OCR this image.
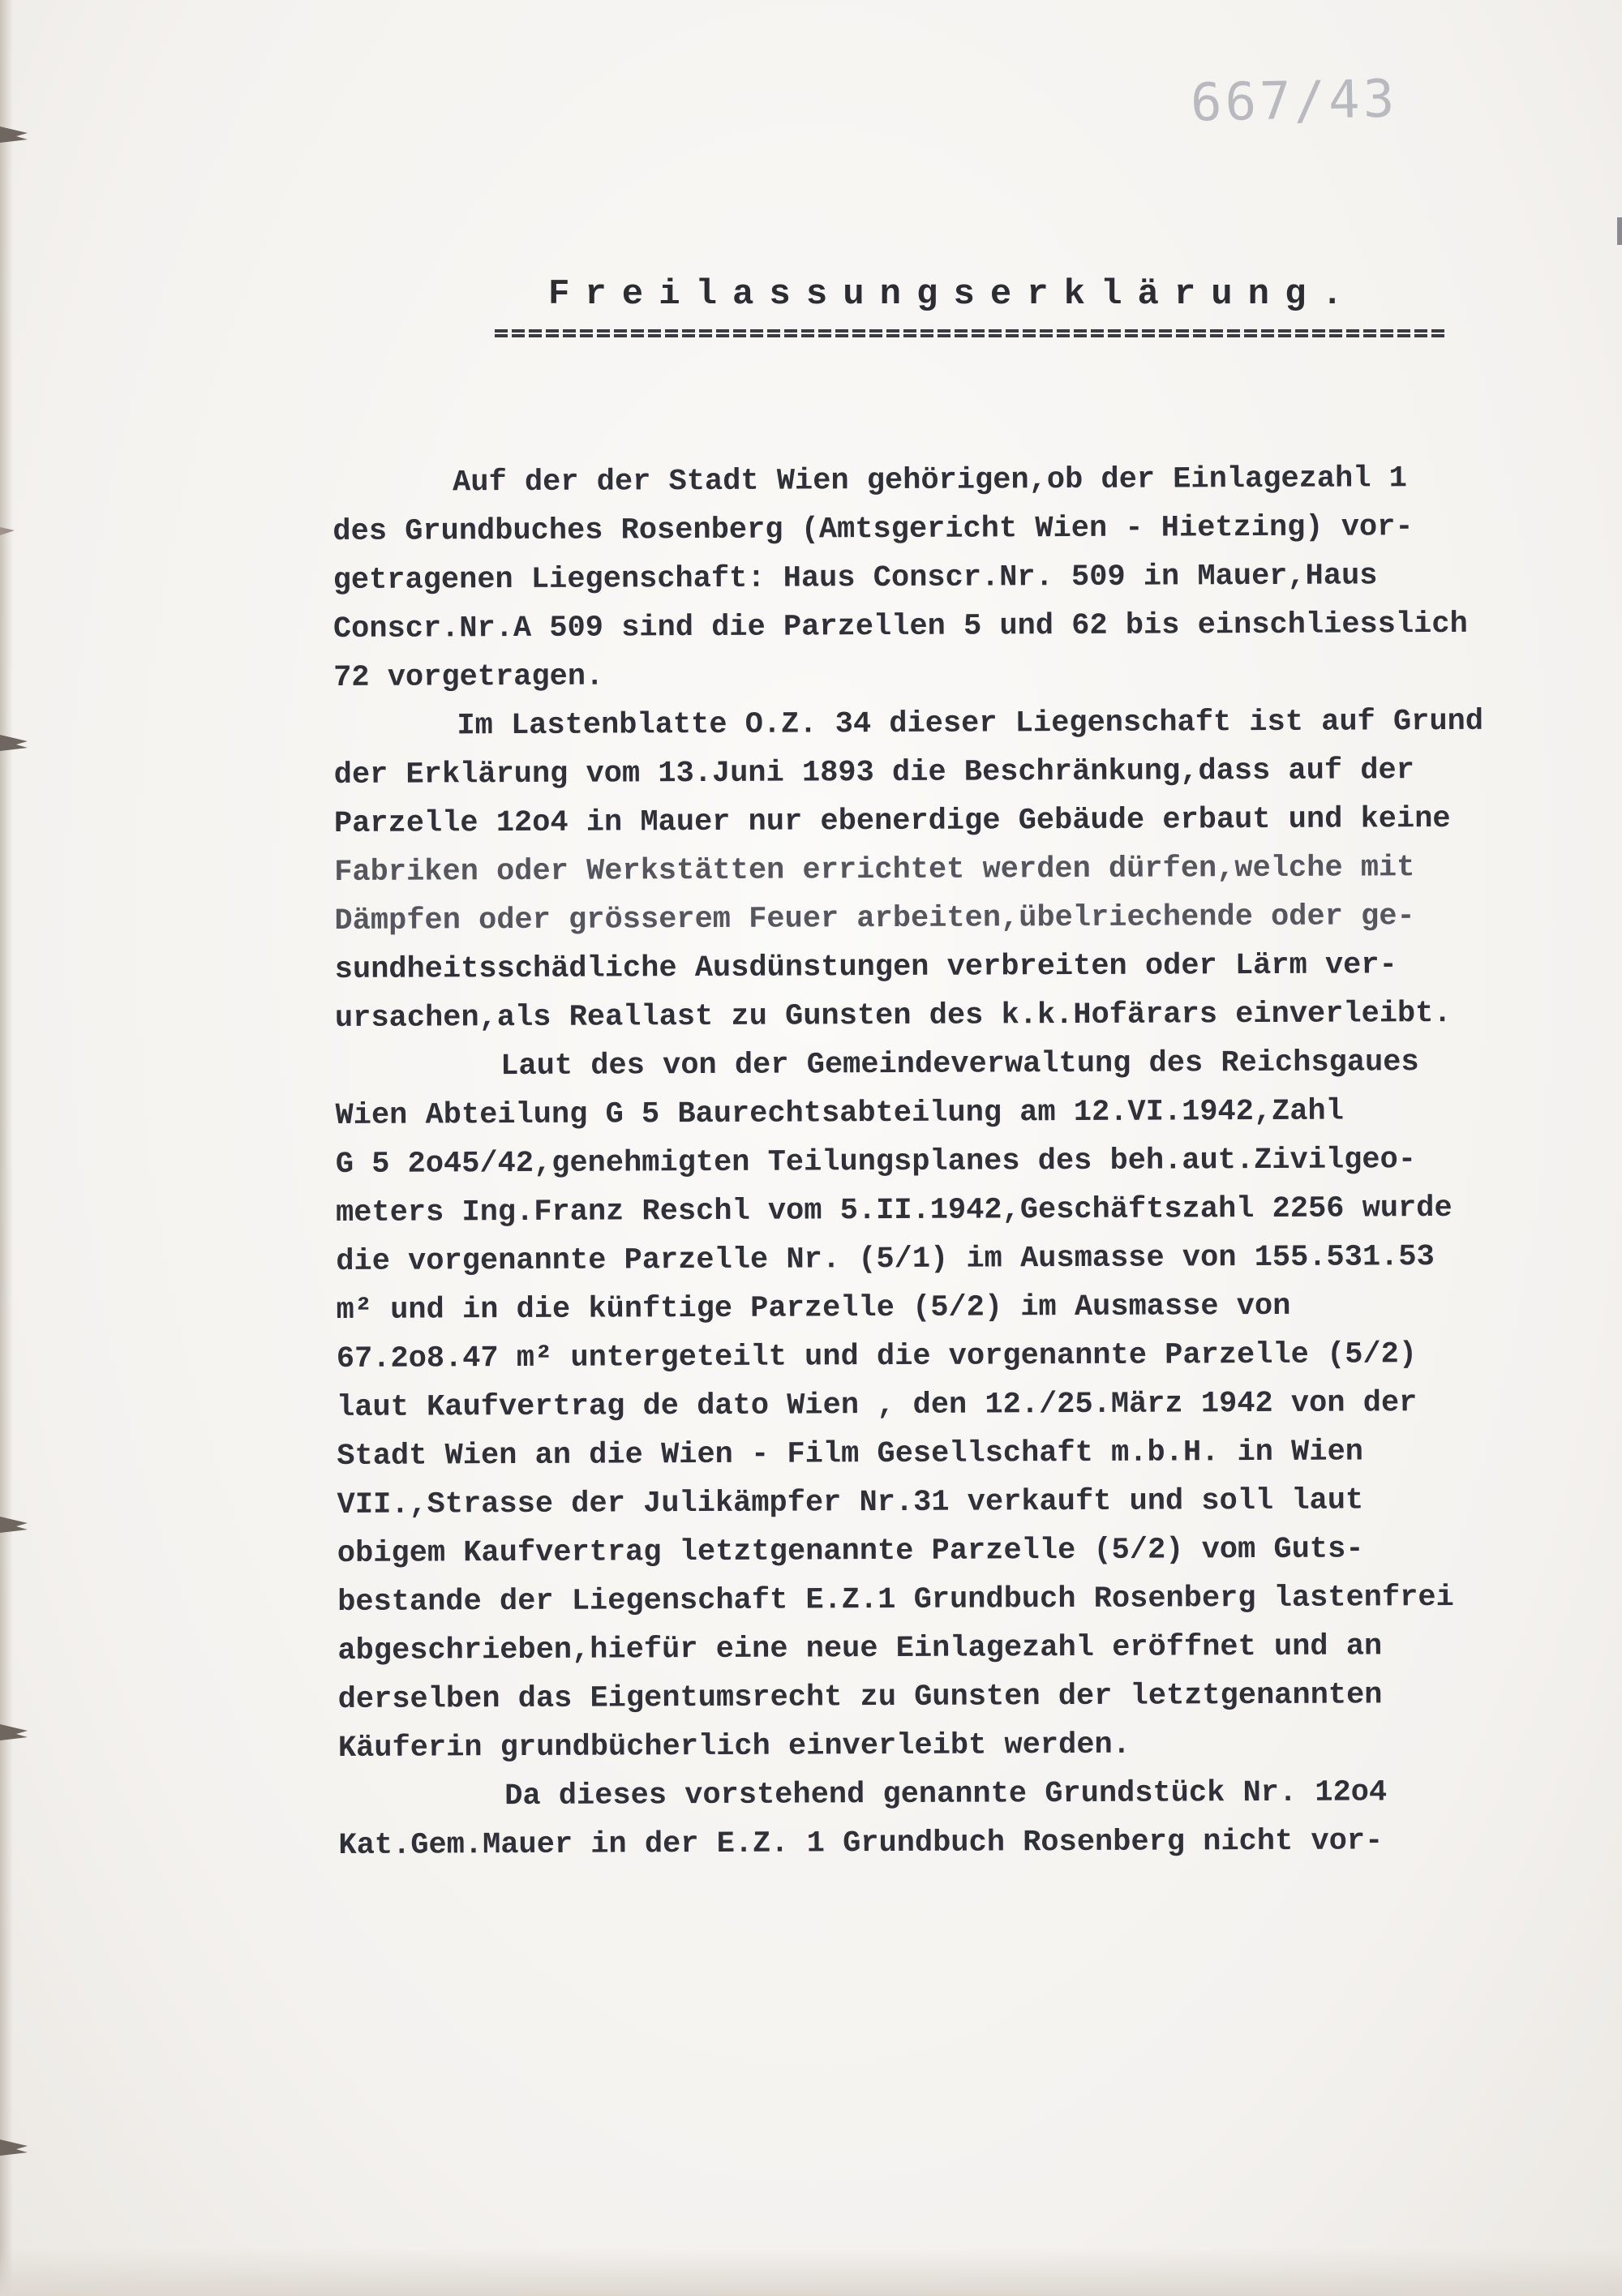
667/43
Freilassungserklärung.
Auf der der Stadt Wien gehörigen,ob der Einlagezahl 1
des Grundbuches Rosenberg (Amtsgericht Wien - Hietzing) vor-
getragenen Liegenschaft: Haus Conscr.Nr. 509 in Mauer,Haus
Conscr.Nr.A 509 sind die Parzellen 5 und 62 bis einschliesslich
72 vorgetragen.
Im Lastenblatte O.Z. 34 dieser Liegenschaft ist auf Grund
der Erklärung vom 13.Juni 1893 die Beschränkung,dass auf der
Parzelle 12o4 in Mauer nur ebenerdige Gebäude erbaut und keine
Fabriken oder Werkstätten errichtet werden dürfen,welche mit
Dämpfen oder grösserem Feuer arbeiten,übelriechende oder ge-
sundheitsschädliche Ausdünstungen verbreiten oder Lärm ver-
ursachen,als Reallast zu Gunsten des k.k.Hofärars einverleibt.
Laut des von der Gemeindeverwaltung des Reichsgaues
Wien Abteilung G 5 Baurechtsabteilung am 12.VI.1942,Zahl
G 5 2o45/42,genehmigten Teilungsplanes des beh.aut.Zivilgeo-
meters Ing.Franz Reschl vom 5.II.1942,Geschäftszahl 2256 wurde
die vorgenannte Parzelle Nr. (5/1) im Ausmasse von 155.531.53
m² und in die künftige Parzelle (5/2) im Ausmasse von
67.2o8.47 m² untergeteilt und die vorgenannte Parzelle (5/2)
laut Kaufvertrag de dato Wien , den 12./25.März 1942 von der
Stadt Wien an die Wien - Film Gesellschaft m.b.H. in Wien
VII.,Strasse der Julikämpfer Nr.31 verkauft und soll laut
obigem Kaufvertrag letztgenannte Parzelle (5/2) vom Guts-
bestande der Liegenschaft E.Z.1 Grundbuch Rosenberg lastenfrei
abgeschrieben,hiefür eine neue Einlagezahl eröffnet und an
derselben das Eigentumsrecht zu Gunsten der letztgenannten
Käuferin grundbücherlich einverleibt werden.
Da dieses vorstehend genannte Grundstück Nr. 12o4
Kat.Gem.Mauer in der E.Z. 1 Grundbuch Rosenberg nicht vor-
